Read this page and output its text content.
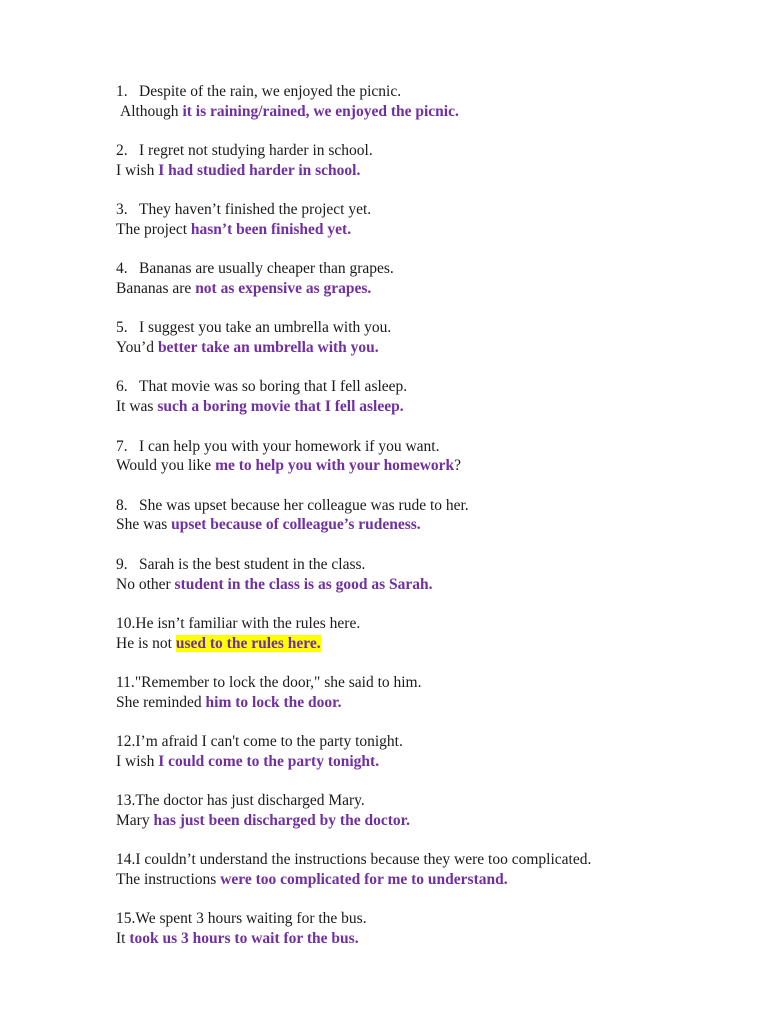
1. Despite of the rain, we enjoyed the picnic.
Although it is raining/rained, we enjoyed the picnic.
2. I regret not studying harder in school.
I wish I had studied harder in school.
3. They haven’t finished the project yet.
The project hasn’t been finished yet.
4. Bananas are usually cheaper than grapes.
Bananas are not as expensive as grapes.
5. I suggest you take an umbrella with you.
You’d better take an umbrella with you.
6. That movie was so boring that I fell asleep.
It was such a boring movie that I fell asleep.
7. I can help you with your homework if you want.
Would you like me to help you with your homework?
8. She was upset because her colleague was rude to her.
She was upset because of colleague’s rudeness.
9. Sarah is the best student in the class.
No other student in the class is as good as Sarah.
10.He isn’t familiar with the rules here.
He is not used to the rules here.
11."Remember to lock the door," she said to him.
She reminded him to lock the door.
12.I’m afraid I can't come to the party tonight.
I wish I could come to the party tonight.
13.The doctor has just discharged Mary.
Mary has just been discharged by the doctor.
14.I couldn’t understand the instructions because they were too complicated.
The instructions were too complicated for me to understand.
15.We spent 3 hours waiting for the bus.
It took us 3 hours to wait for the bus.
